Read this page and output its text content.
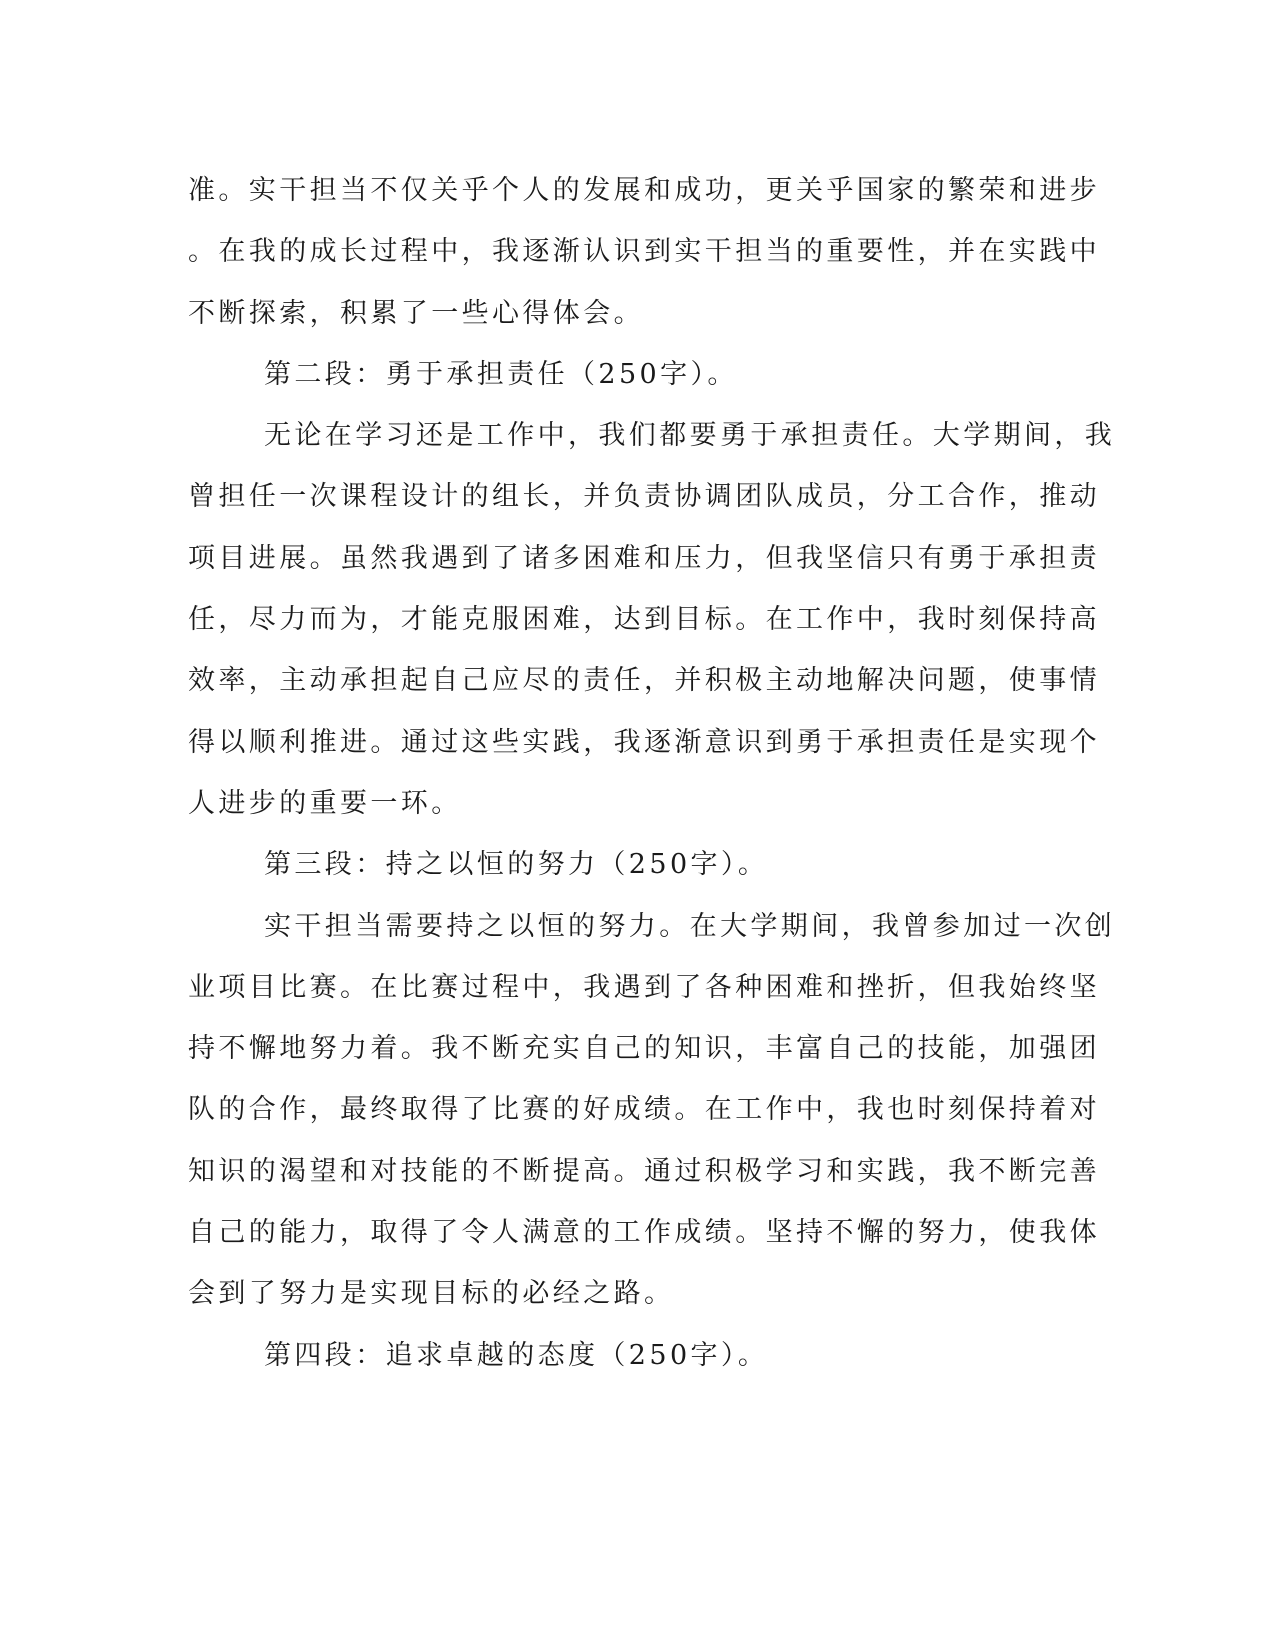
准。实干担当不仅关乎个人的发展和成功，更关乎国家的繁荣和进步
。在我的成长过程中，我逐渐认识到实干担当的重要性，并在实践中
不断探索，积累了一些心得体会。
第二段：勇于承担责任（250字）。
无论在学习还是工作中，我们都要勇于承担责任。大学期间，我
曾担任一次课程设计的组长，并负责协调团队成员，分工合作，推动
项目进展。虽然我遇到了诸多困难和压力，但我坚信只有勇于承担责
任，尽力而为，才能克服困难，达到目标。在工作中，我时刻保持高
效率，主动承担起自己应尽的责任，并积极主动地解决问题，使事情
得以顺利推进。通过这些实践，我逐渐意识到勇于承担责任是实现个
人进步的重要一环。
第三段：持之以恒的努力（250字）。
实干担当需要持之以恒的努力。在大学期间，我曾参加过一次创
业项目比赛。在比赛过程中，我遇到了各种困难和挫折，但我始终坚
持不懈地努力着。我不断充实自己的知识，丰富自己的技能，加强团
队的合作，最终取得了比赛的好成绩。在工作中，我也时刻保持着对
知识的渴望和对技能的不断提高。通过积极学习和实践，我不断完善
自己的能力，取得了令人满意的工作成绩。坚持不懈的努力，使我体
会到了努力是实现目标的必经之路。
第四段：追求卓越的态度（250字）。
